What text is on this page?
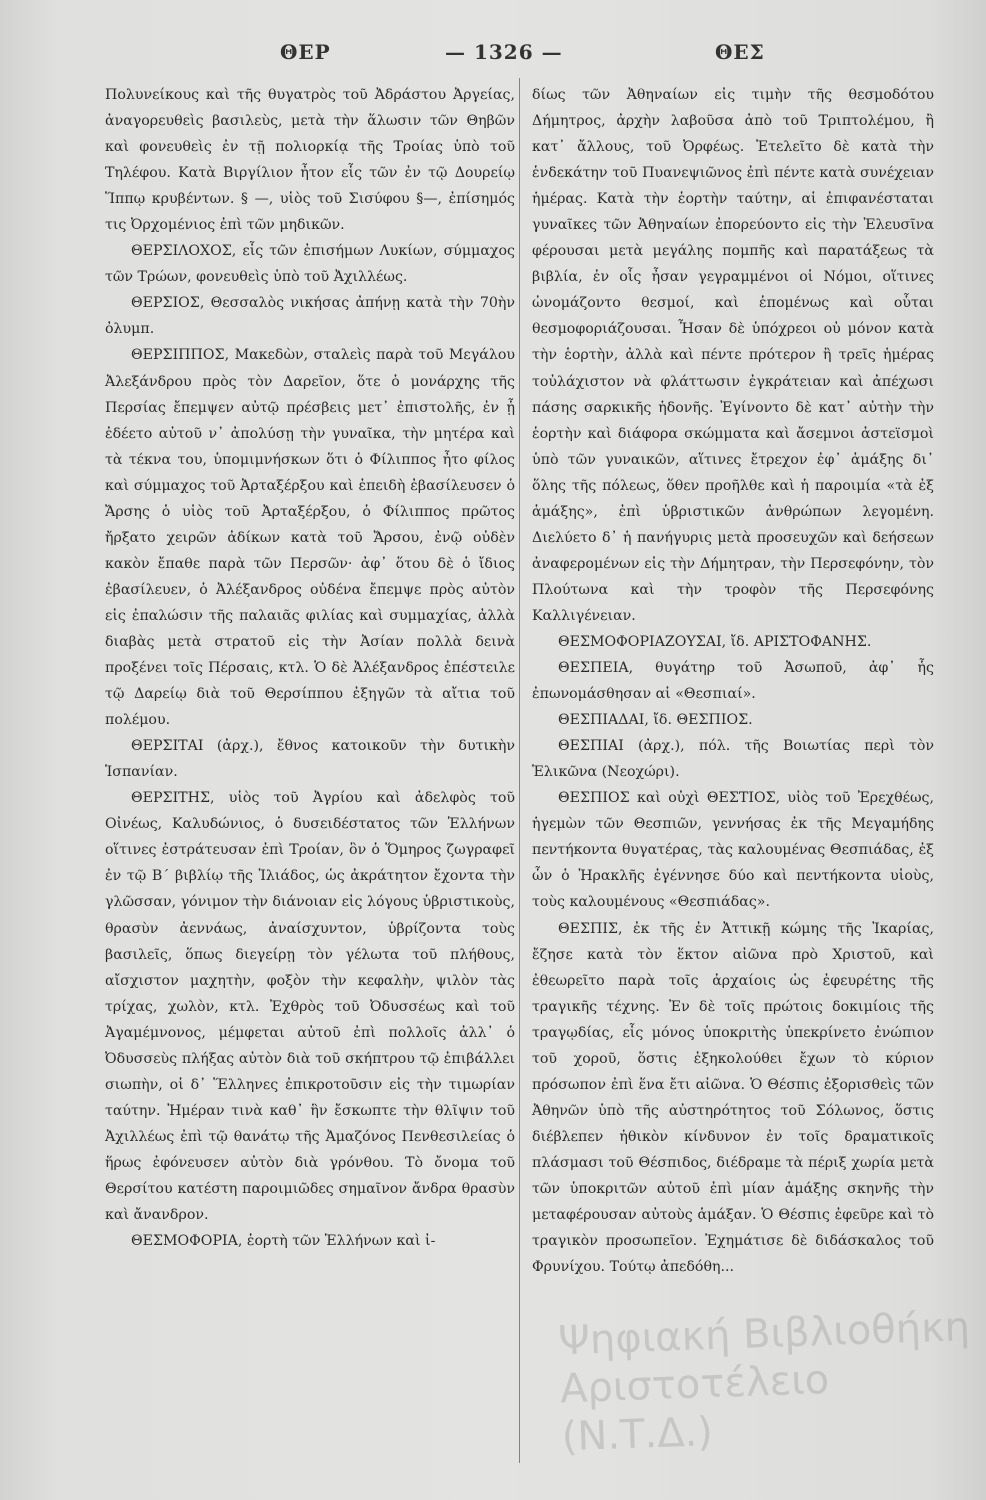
ΘΕΡ	— 1326 —	ΘΕΣ

Πολυνείκους καὶ τῆς θυγατρὸς τοῦ Ἀδράστου Ἀργείας, ἀναγορευθεὶς βασιλεὺς, μετὰ τὴν ἅλωσιν τῶν Θηβῶν καὶ φονευθεὶς ἐν τῇ πολιορκίᾳ τῆς Τροίας ὑπὸ τοῦ Τηλέφου. Κατὰ Βιργίλιον ἦτον εἷς τῶν ἐν τῷ Δουρείῳ Ἵππῳ κρυβέντων. § —, υἱὸς τοῦ Σισύφου §—, ἐπίσημός τις Ὀρχομένιος ἐπὶ τῶν μηδικῶν.

ΘΕΡΣΙΛΟΧΟΣ, εἷς τῶν ἐπισήμων Λυκίων, σύμμαχος τῶν Τρώων, φονευθεὶς ὑπὸ τοῦ Ἀχιλλέως.

ΘΕΡΣΙΟΣ, Θεσσαλὸς νικήσας ἀπήνῃ κατὰ τὴν 70ὴν ὀλυμπ.

ΘΕΡΣΙΠΠΟΣ, Μακεδὼν, σταλεὶς παρὰ τοῦ Μεγάλου Ἀλεξάνδρου πρὸς τὸν Δαρεῖον, ὅτε ὁ μονάρχης τῆς Περσίας ἔπεμψεν αὐτῷ πρέσβεις μετ᾽ ἐπιστολῆς, ἐν ᾗ ἐδέετο αὐτοῦ ν᾽ ἀπολύσῃ τὴν γυναῖκα, τὴν μητέρα καὶ τὰ τέκνα του, ὑπομιμνήσκων ὅτι ὁ Φίλιππος ἦτο φίλος καὶ σύμμαχος τοῦ Ἀρταξέρξου καὶ ἐπειδὴ ἐβασίλευσεν ὁ Ἄρσης ὁ υἱὸς τοῦ Ἀρταξέρξου, ὁ Φίλιππος πρῶτος ἤρξατο χειρῶν ἀδίκων κατὰ τοῦ Ἄρσου, ἐνῷ οὐδὲν κακὸν ἔπαθε παρὰ τῶν Περσῶν· ἀφ᾽ ὅτου δὲ ὁ ἴδιος ἐβασίλευεν, ὁ Ἀλέξανδρος οὐδένα ἔπεμψε πρὸς αὐτὸν εἰς ἐπαλώσιν τῆς παλαιᾶς φιλίας καὶ συμμαχίας, ἀλλὰ διαβὰς μετὰ στρατοῦ εἰς τὴν Ἀσίαν πολλὰ δεινὰ προξένει τοῖς Πέρσαις, κτλ. Ὁ δὲ Ἀλέξανδρος ἐπέστειλε τῷ Δαρείῳ διὰ τοῦ Θερσίππου ἐξηγῶν τὰ αἴτια τοῦ πολέμου.

ΘΕΡΣΙΤΑΙ (ἀρχ.), ἔθνος κατοικοῦν τὴν δυτικὴν Ἱσπανίαν.

ΘΕΡΣΙΤΗΣ, υἱὸς τοῦ Ἀγρίου καὶ ἀδελφὸς τοῦ Οἰνέως, Καλυδώνιος, ὁ δυσειδέστατος τῶν Ἑλλήνων οἵτινες ἐστράτευσαν ἐπὶ Τροίαν, ὃν ὁ Ὅμηρος ζωγραφεῖ ἐν τῷ Β΄ βιβλίῳ τῆς Ἰλιάδος, ὡς ἀκράτητον ἔχοντα τὴν γλῶσσαν, γόνιμον τὴν διάνοιαν εἰς λόγους ὑβριστικοὺς, θρασὺν ἀεννάως, ἀναίσχυντον, ὑβρίζοντα τοὺς βασιλεῖς, ὅπως διεγείρῃ τὸν γέλωτα τοῦ πλήθους, αἴσχιστον μαχητὴν, φοξὸν τὴν κεφαλὴν, ψιλὸν τὰς τρίχας, χωλὸν, κτλ. Ἐχθρὸς τοῦ Ὀδυσσέως καὶ τοῦ Ἀγαμέμνονος, μέμφεται αὐτοῦ ἐπὶ πολλοῖς ἀλλ᾽ ὁ Ὀδυσσεὺς πλήξας αὐτὸν διὰ τοῦ σκήπτρου τῷ ἐπιβάλλει σιωπὴν, οἱ δ᾽ Ἕλληνες ἐπικροτοῦσιν εἰς τὴν τιμωρίαν ταύτην. Ἠμέραν τινὰ καθ᾽ ἣν ἔσκωπτε τὴν θλῖψιν τοῦ Ἀχιλλέως ἐπὶ τῷ θανάτῳ τῆς Ἀμαζόνος Πενθεσιλείας ὁ ἥρως ἐφόνευσεν αὐτὸν διὰ γρόνθου. Τὸ ὄνομα τοῦ Θερσίτου κατέστη παροιμιῶδες σημαῖνον ἄνδρα θρασὺν καὶ ἄνανδρον.

ΘΕΣΜΟΦΟΡΙΑ, ἑορτὴ τῶν Ἑλλήνων καὶ ἰ-

δίως τῶν Ἀθηναίων εἰς τιμὴν τῆς θεσμοδότου Δήμητρος, ἀρχὴν λαβοῦσα ἀπὸ τοῦ Τριπτολέμου, ἢ κατ᾽ ἄλλους, τοῦ Ὀρφέως. Ἐτελεῖτο δὲ κατὰ τὴν ἑνδεκάτην τοῦ Πυανεψιῶνος ἐπὶ πέντε κατὰ συνέχειαν ἡμέρας. Κατὰ τὴν ἑορτὴν ταύτην, αἱ ἐπιφανέσταται γυναῖκες τῶν Ἀθηναίων ἐπορεύοντο εἰς τὴν Ἐλευσῖνα φέρουσαι μετὰ μεγάλης πομπῆς καὶ παρατάξεως τὰ βιβλία, ἐν οἷς ἦσαν γεγραμμένοι οἱ Νόμοι, οἵτινες ὠνομάζοντο θεσμοί, καὶ ἑπομένως καὶ οὗται θεσμοφοριάζουσαι. Ἦσαν δὲ ὑπόχρεοι οὐ μόνον κατὰ τὴν ἑορτὴν, ἀλλὰ καὶ πέντε πρότερον ἢ τρεῖς ἡμέρας τοὐλάχιστον νὰ φλάττωσιν ἐγκράτειαν καὶ ἀπέχωσι πάσης σαρκικῆς ἡδονῆς. Ἐγίνοντο δὲ κατ᾽ αὐτὴν τὴν ἑορτὴν καὶ διάφορα σκώμματα καὶ ἄσεμνοι ἀστεϊσμοὶ ὑπὸ τῶν γυναικῶν, αἵτινες ἔτρεχον ἐφ᾽ ἁμάξης δι᾽ ὅλης τῆς πόλεως, ὅθεν προῆλθε καὶ ἡ παροιμία «τὰ ἐξ ἁμάξης», ἐπὶ ὑβριστικῶν ἀνθρώπων λεγομένη. Διελύετο δ᾽ ἡ πανήγυρις μετὰ προσευχῶν καὶ δεήσεων ἀναφερομένων εἰς τὴν Δήμητραν, τὴν Περσεφόνην, τὸν Πλούτωνα καὶ τὴν τροφὸν τῆς Περσεφόνης Καλλιγένειαν.

ΘΕΣΜΟΦΟΡΙΑΖΟΥΣΑΙ, ἴδ. ΑΡΙΣΤΟΦΑΝΗΣ.

ΘΕΣΠΕΙΑ, θυγάτηρ τοῦ Ἀσωποῦ, ἀφ᾽ ἧς ἐπωνομάσθησαν αἱ «Θεσπιαί».

ΘΕΣΠΙΑΔΑΙ, ἴδ. ΘΕΣΠΙΟΣ.

ΘΕΣΠΙΑΙ (ἀρχ.), πόλ. τῆς Βοιωτίας περὶ τὸν Ἑλικῶνα (Νεοχώρι).

ΘΕΣΠΙΟΣ καὶ οὐχὶ ΘΕΣΤΙΟΣ, υἱὸς τοῦ Ἐρεχθέως, ἡγεμὼν τῶν Θεσπιῶν, γεννήσας ἐκ τῆς Μεγαμήδης πεντήκοντα θυγατέρας, τὰς καλουμένας Θεσπιάδας, ἐξ ὧν ὁ Ἡρακλῆς ἐγέννησε δύο καὶ πεντήκοντα υἱοὺς, τοὺς καλουμένους «Θεσπιάδας».

ΘΕΣΠΙΣ, ἐκ τῆς ἐν Ἀττικῇ κώμης τῆς Ἰκαρίας, ἔζησε κατὰ τὸν ἕκτον αἰῶνα πρὸ Χριστοῦ, καὶ ἐθεωρεῖτο παρὰ τοῖς ἀρχαίοις ὡς ἐφευρέτης τῆς τραγικῆς τέχνης. Ἐν δὲ τοῖς πρώτοις δοκιμίοις τῆς τραγῳδίας, εἷς μόνος ὑποκριτὴς ὑπεκρίνετο ἐνώπιον τοῦ χοροῦ, ὅστις ἐξηκολούθει ἔχων τὸ κύριον πρόσωπον ἐπὶ ἕνα ἔτι αἰῶνα. Ὁ Θέσπις ἐξορισθεὶς τῶν Ἀθηνῶν ὑπὸ τῆς αὐστηρότητος τοῦ Σόλωνος, ὅστις διέβλεπεν ἠθικὸν κίνδυνον ἐν τοῖς δραματικοῖς πλάσμασι τοῦ Θέσπιδος, διέδραμε τὰ πέριξ χωρία μετὰ τῶν ὑποκριτῶν αὐτοῦ ἐπὶ μίαν ἁμάξης σκηνῆς τὴν μεταφέρουσαν αὐτοὺς ἁμάξαν. Ὁ Θέσπις ἐφεῦρε καὶ τὸ τραγικὸν προσωπεῖον. Ἐχημάτισε δὲ διδάσκαλος τοῦ Φρυνίχου. Τούτῳ ἀπεδόθη...

Ψηφιακή Βιβλιοθήκη Αριστοτέλειο (Ν.Τ.Δ.)
